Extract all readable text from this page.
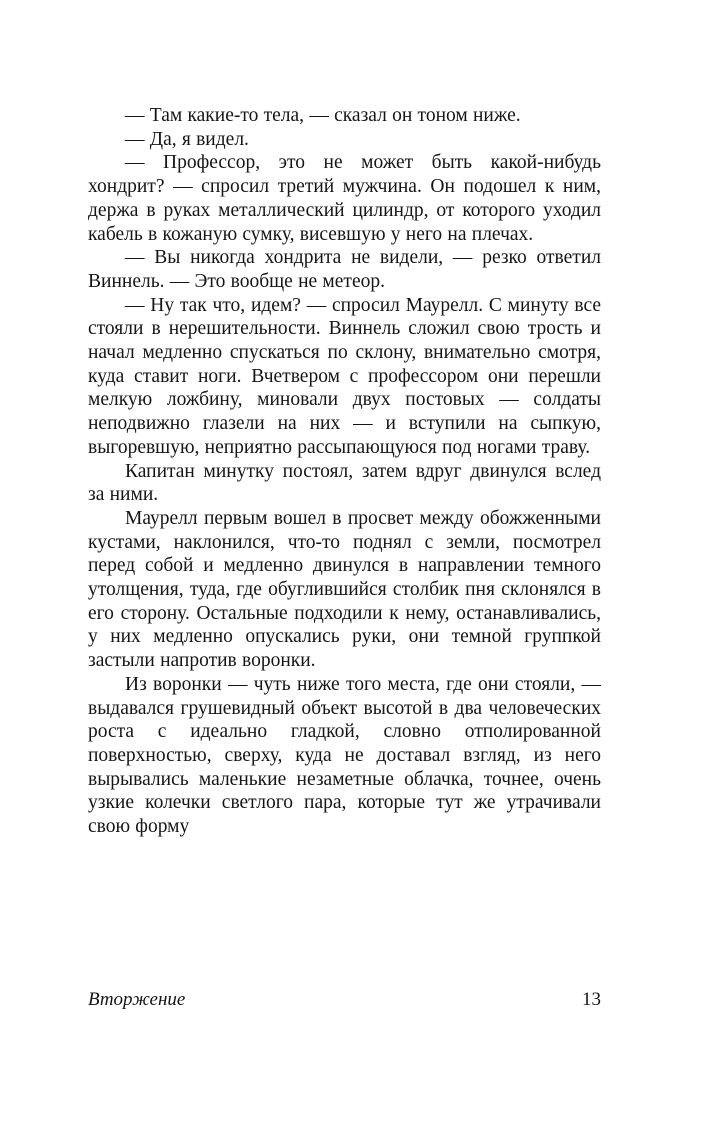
— Там какие-то тела, — сказал он тоном ниже.

— Да, я видел.

— Профессор, это не может быть какой-нибудь хондрит? — спросил третий мужчина. Он подошел к ним, держа в руках металлический цилиндр, от которого уходил кабель в кожаную сумку, висевшую у него на плечах.

— Вы никогда хондрита не видели, — резко ответил Виннель. — Это вообще не метеор.

— Ну так что, идем? — спросил Маурелл. С минуту все стояли в нерешительности. Виннель сложил свою трость и начал медленно спускаться по склону, внимательно смотря, куда ставит ноги. Вчетвером с профессором они перешли мелкую ложбину, миновали двух постовых — солдаты неподвижно глазели на них — и вступили на сыпкую, выгоревшую, неприятно рассыпающуюся под ногами траву.

Капитан минутку постоял, затем вдруг двинулся вслед за ними.

Маурелл первым вошел в просвет между обожженными кустами, наклонился, что-то поднял с земли, посмотрел перед собой и медленно двинулся в направлении темного утолщения, туда, где обуглившийся столбик пня склонялся в его сторону. Остальные подходили к нему, останавливались, у них медленно опускались руки, они темной группкой застыли напротив воронки.

Из воронки — чуть ниже того места, где они стояли, — выдавался грушевидный объект высотой в два человеческих роста с идеально гладкой, словно отполированной поверхностью, сверху, куда не доставал взгляд, из него вырывались маленькие незаметные облачка, точнее, очень узкие колечки светлого пара, которые тут же утрачивали свою форму

Вторжение	13
